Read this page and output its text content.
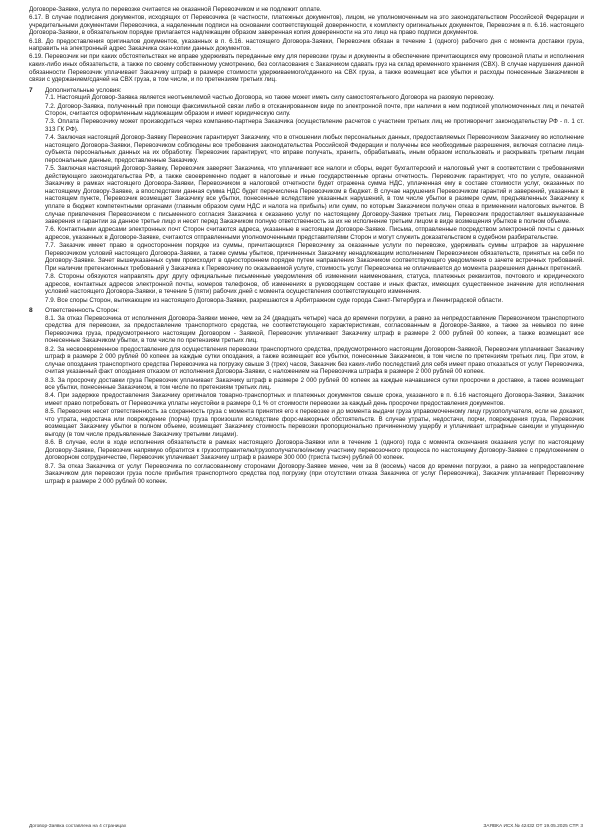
Договоре-Заявке, услуга по перевозке считается не оказанной Перевозчиком и не подлежит оплате.

6.17. В случае подписания документов, исходящих от Перевозчика (в частности, платежных документов), лицом, не уполномоченным на это законодательством Российской Федерации и учредительными документами Перевозчика, а наделенным подписи на основании соответствующей доверенности, к комплекту оригинальных документов, Перевозчик в п. 6.16. настоящего Договора-Заявки, в обязательном порядке прилагается надлежащим образом заверенная копия доверенности на это лицо на право подписи документов.

6.18. До предоставления оригиналов документов, указанных в п. 6.16. настоящего Договора-Заявки, Перевозчик обязан в течение 1 (одного) рабочего дня с момента доставки груза, направить на электронный адрес Заказчика скан-копии данных документов.

6.19. Перевозчик ни при каких обстоятельствах не вправе удерживать переданные ему для перевозки грузы и документы в обеспечение причитающихся ему провозной платы и исполнения каких-либо иных обязательств, а также по своему собственному усмотрению, без согласования с Заказчиком сдавать груз на склад временного хранения (СВХ). В случае нарушения данной обязанности Перевозчик уплачивает Заказчику штраф в размере стоимости удерживаемого/сданного на СВХ груза, а также возмещает все убытки и расходы понесенные Заказчиком в связи с удержанием/сдачей на СВХ груза, в том числе, и по претензиям третьих лиц.

7 Дополнительные условия:

7.1. Настоящий Договор-Заявка является неотъемлемой частью Договора, но также может иметь силу самостоятельного Договора на разовую перевозку.

7.2. Договор-Заявка, полученный при помощи факсимильной связи либо в отсканированном виде по электронной почте, при наличии в нем подписей уполномоченных лиц и печатей Сторон, считается оформленным надлежащим образом и имеет юридическую силу.

7.3. Оплата Перевозчику может производиться через компанию-партнера Заказчика (осуществление расчетов с участием третьих лиц не противоречит законодательству РФ - п. 1 ст. 313 ГК РФ).

7.4. Заключая настоящий Договор-Заявку Перевозчик гарантирует Заказчику, что в отношении любых персональных данных, предоставляемых Перевозчиком Заказчику во исполнение настоящего Договора-Заявки, Перевозчиком соблюдены все требования законодательства Российской Федерации и получены все необходимые разрешения, включая согласие лица-субъекта персональных данных на их обработку. Перевозчик гарантирует, что вправе получать, хранить, обрабатывать, иным образом использовать и раскрывать третьим лицам персональные данные, предоставленные Заказчику.

7.5. Заключая настоящий Договор-Заявку, Перевозчик заверяет Заказчика, что уплачивает все налоги и сборы, ведет бухгалтерский и налоговый учет в соответствии с требованиями действующего законодательства РФ, а также своевременно подает в налоговые и иные государственные органы отчетность. Перевозчик гарантирует, что по услуге, оказанной Заказчику в рамках настоящего Договора-Заявки, Перевозчиком в налоговой отчетности будет отражена сумма НДС, уплаченная ему в составе стоимости услуг, оказанных по настоящему Договору-Заявке, а впоследствии данная сумма НДС будет перечислена Перевозчиком в бюджет. В случае нарушения Перевозчиком гарантий и заверений, указанных в настоящем пункте, Перевозчик возмещает Заказчику все убытки, понесенные вследствие указанных нарушений, в том числе убытки в размере сумм, предъявленных Заказчику к уплате в бюджет компетентными органами (главным образом сумм НДС и налога на прибыль) или сумм, по которым Заказчиком получен отказ в применении налоговых вычетов. В случае привлечения Перевозчиком с письменного согласия Заказчика к оказанию услуг по настоящему Договору-Заявке третьих лиц, Перевозчик предоставляет вышеуказанные заверения и гарантии за данное третье лицо и несет перед Заказчиком полную ответственность за их не исполнение третьим лицом в виде возмещения убытков в полном объеме.

7.6. Контактными адресами электронных почт Сторон считаются адреса, указанные в настоящем Договоре-Заявке. Письма, отправленные посредством электронной почты с данных адресов, указанных в Договоре-Заявке, считаются отправленными уполномоченными представителями Сторон и могут служить доказательством в судебном разбирательстве.

7.7. Заказчик имеет право в одностороннем порядке из суммы, причитающихся Перевозчику за оказанные услуги по перевозке, удерживать суммы штрафов за нарушение Перевозчиком условий настоящего Договора-Заявки, а также суммы убытков, причиненных Заказчику ненадлежащим исполнением Перевозчиком обязательств, принятых на себя по Договору-Заявке. Зачет вышеуказанных сумм происходит в одностороннем порядке путем направления Заказчиком соответствующего уведомления о зачете встречных требований. При наличии претензионных требований у Заказчика к Перевозчику по оказываемой услуге, стоимость услуг Перевозчика не оплачивается до момента разрешения данных претензий.

7.8. Стороны обязуются направлять друг другу официальные письменные уведомления об изменении наименования, статуса, платежных реквизитов, почтового и юридического адресов, контактных адресов электронной почты, номеров телефонов, об изменениях в руководящем составе и иных фактах, имеющих существенное значение для исполнения условий настоящего Договора-Заявки, в течение 5 (пяти) рабочих дней с момента осуществления соответствующего изменения.

7.9. Все споры Сторон, вытекающие из настоящего Договора-Заявки, разрешаются в Арбитражном суде города Санкт-Петербурга и Ленинградской области.

8 Ответственность Сторон:

8.1. За отказ Перевозчика от исполнения Договора-Заявки менее, чем за 24 (двадцать четыре) часа до времени погрузки, а равно за непредоставление Перевозчиком транспортного средства для перевозки, за предоставление транспортного средства, не соответствующего характеристикам, согласованным в Договоре-Заявке, а также за невывоз по вине Перевозчика груза, предусмотренного настоящим Договором - Заявкой, Перевозчик уплачивает Заказчику штраф в размере 2 000 рублей 00 копеек, а также возмещает все понесенные Заказчиком убытки, в том числе по претензиям третьих лиц.

8.2. За несвоевременное предоставление для осуществления перевозки транспортного средства, предусмотренного настоящим Договором-Заявкой, Перевозчик уплачивает Заказчику штраф в размере 2 000 рублей 00 копеек за каждые сутки опоздания, а также возмещает все убытки, понесенные Заказчиком, в том числе по претензиям третьих лиц. При этом, в случае опоздания транспортного средства Перевозчика на погрузку свыше 3 (трех) часов, Заказчик без каких-либо последствий для себя имеет право отказаться от услуг Перевозчика, считая указанный факт опоздания отказом от исполнения Договора-Заявки, с наложением на Перевозчика штрафа в размере 2 000 рублей 00 копеек.

8.3. За просрочку доставки груза Перевозчик уплачивает Заказчику штраф в размере 2 000 рублей 00 копеек за каждые начавшиеся сутки просрочки в доставке, а также возмещает все убытки, понесенные Заказчиком, в том числе по претензиям третьих лиц.

8.4. При задержке предоставления Заказчику оригиналов товарно-транспортных и платежных документов свыше срока, указанного в п. 6.16 настоящего Договора-Заявки, Заказчик имеет право потребовать от Перевозчика уплаты неустойки в размере 0,1 % от стоимости перевозки за каждый день просрочки предоставления документов.

8.5. Перевозчик несет ответственность за сохранность груза с момента принятия его к перевозке и до момента выдачи груза управомоченному лицу грузополучателя, если не докажет, что утрата, недостача или повреждение (порча) груза произошли вследствие форс-мажорных обстоятельств. В случае утраты, недостачи, порчи, повреждения груза, Перевозчик возмещает Заказчику убытки в полном объеме, возмещает Заказчику стоимость перевозки пропорционально причиненному ущербу и уплачивает штрафные санкции и упущенную выгоду (в том числе предъявленные Заказчику третьими лицами).

8.6. В случае, если в ходе исполнения обязательств в рамках настоящего Договора-Заявки или в течение 1 (одного) года с момента окончания оказания услуг по настоящему Договору-Заявке, Перевозчик напрямую обратится к грузоотправителю/грузополучателю/иному участнику перевозочного процесса по настоящему Договору-Заявке с предложением о договорном сотрудничестве, Перевозчик уплачивает Заказчику штраф в размере 300 000 (триста тысяч) рублей 00 копеек.

8.7. За отказ Заказчика от услуг Перевозчика по согласованному сторонами Договору-Заявке менее, чем за 8 (восемь) часов до времени погрузки, а равно за непредоставление Заказчиком для перевозки груза после прибытия транспортного средства под погрузку (при отсутствии отказа Заказчика от услуг Перевозчика), Заказчик уплачивает Перевозчику штраф в размере 2 000 рублей 00 копеек.

Договор-Заявка составлена на 4 страницах	ЗАЯВКА ИСХ.№ 42432 ОТ 19.05.2025 СТР. 3
